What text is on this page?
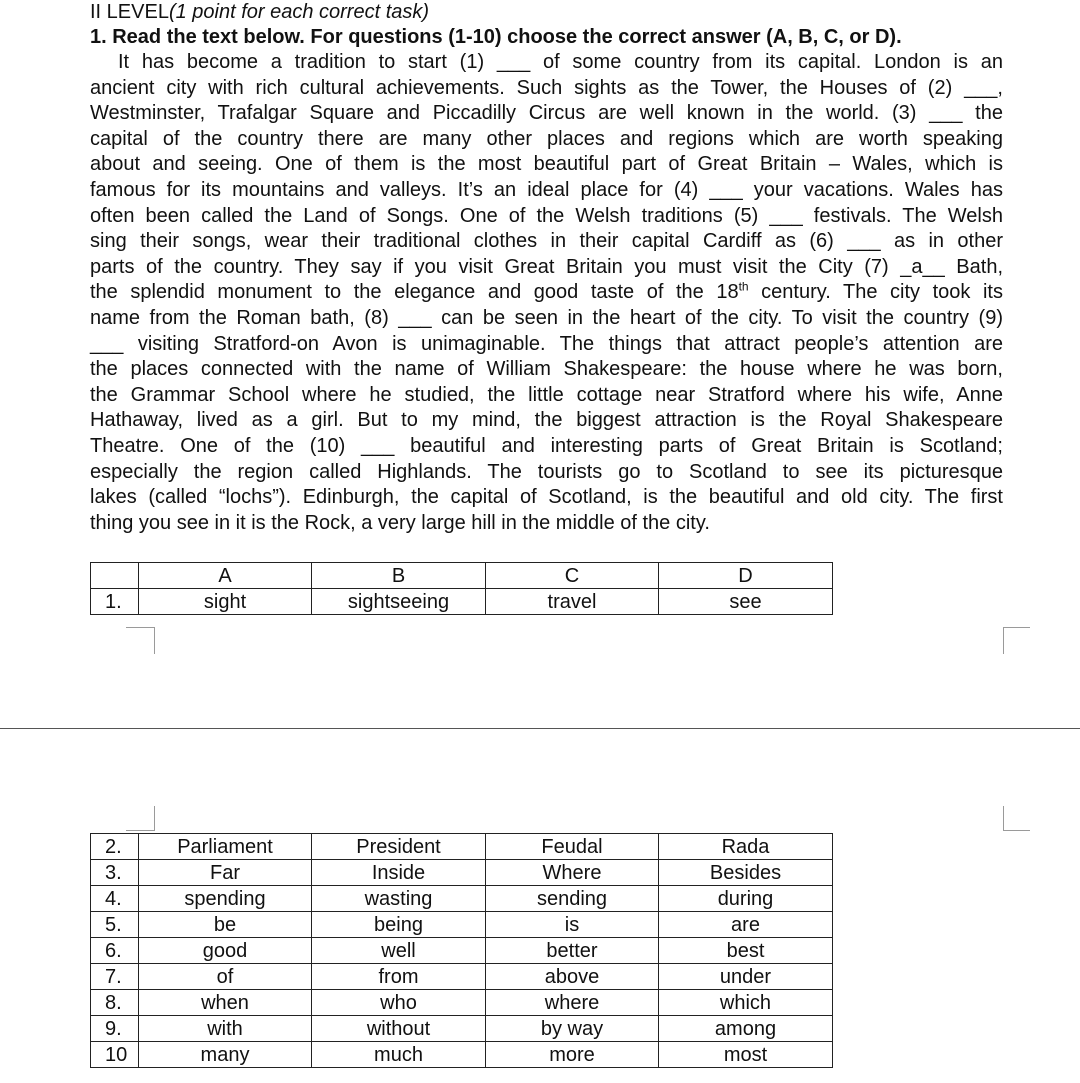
II LEVEL(1 point for each correct task)
1. Read the text below. For questions (1-10) choose the correct answer (A, B, C, or D).
It has become a tradition to start (1) ___ of some country from its capital. London is an
ancient city with rich cultural achievements. Such sights as the Tower, the Houses of (2) ___,
Westminster, Trafalgar Square and Piccadilly Circus are well known in the world. (3) ___ the
capital of the country there are many other places and regions which are worth speaking
about and seeing. One of them is the most beautiful part of Great Britain – Wales, which is
famous for its mountains and valleys. It’s an ideal place for (4) ___ your vacations. Wales has
often been called the Land of Songs. One of the Welsh traditions (5) ___ festivals. The Welsh
sing their songs, wear their traditional clothes in their capital Cardiff as (6) ___ as in other
parts of the country. They say if you visit Great Britain you must visit the City (7) _a__ Bath,
the splendid monument to the elegance and good taste of the 18th century. The city took its
name from the Roman bath, (8) ___ can be seen in the heart of the city. To visit the country (9)
___ visiting Stratford-on Avon is unimaginable. The things that attract people’s attention are
the places connected with the name of William Shakespeare: the house where he was born,
the Grammar School where he studied, the little cottage near Stratford where his wife, Anne
Hathaway, lived as a girl. But to my mind, the biggest attraction is the Royal Shakespeare
Theatre. One of the (10) ___ beautiful and interesting parts of Great Britain is Scotland;
especially the region called Highlands. The tourists go to Scotland to see its picturesque
lakes (called “lochs”). Edinburgh, the capital of Scotland, is the beautiful and old city. The first
thing you see in it is the Rock, a very large hill in the middle of the city.
	A	B	C	D
1.	sight	sightseeing	travel	see
2.	Parliament	President	Feudal	Rada
3.	Far	Inside	Where	Besides
4.	spending	wasting	sending	during
5.	be	being	is	are
6.	good	well	better	best
7.	of	from	above	under
8.	when	who	where	which
9.	with	without	by way	among
10	many	much	more	most
